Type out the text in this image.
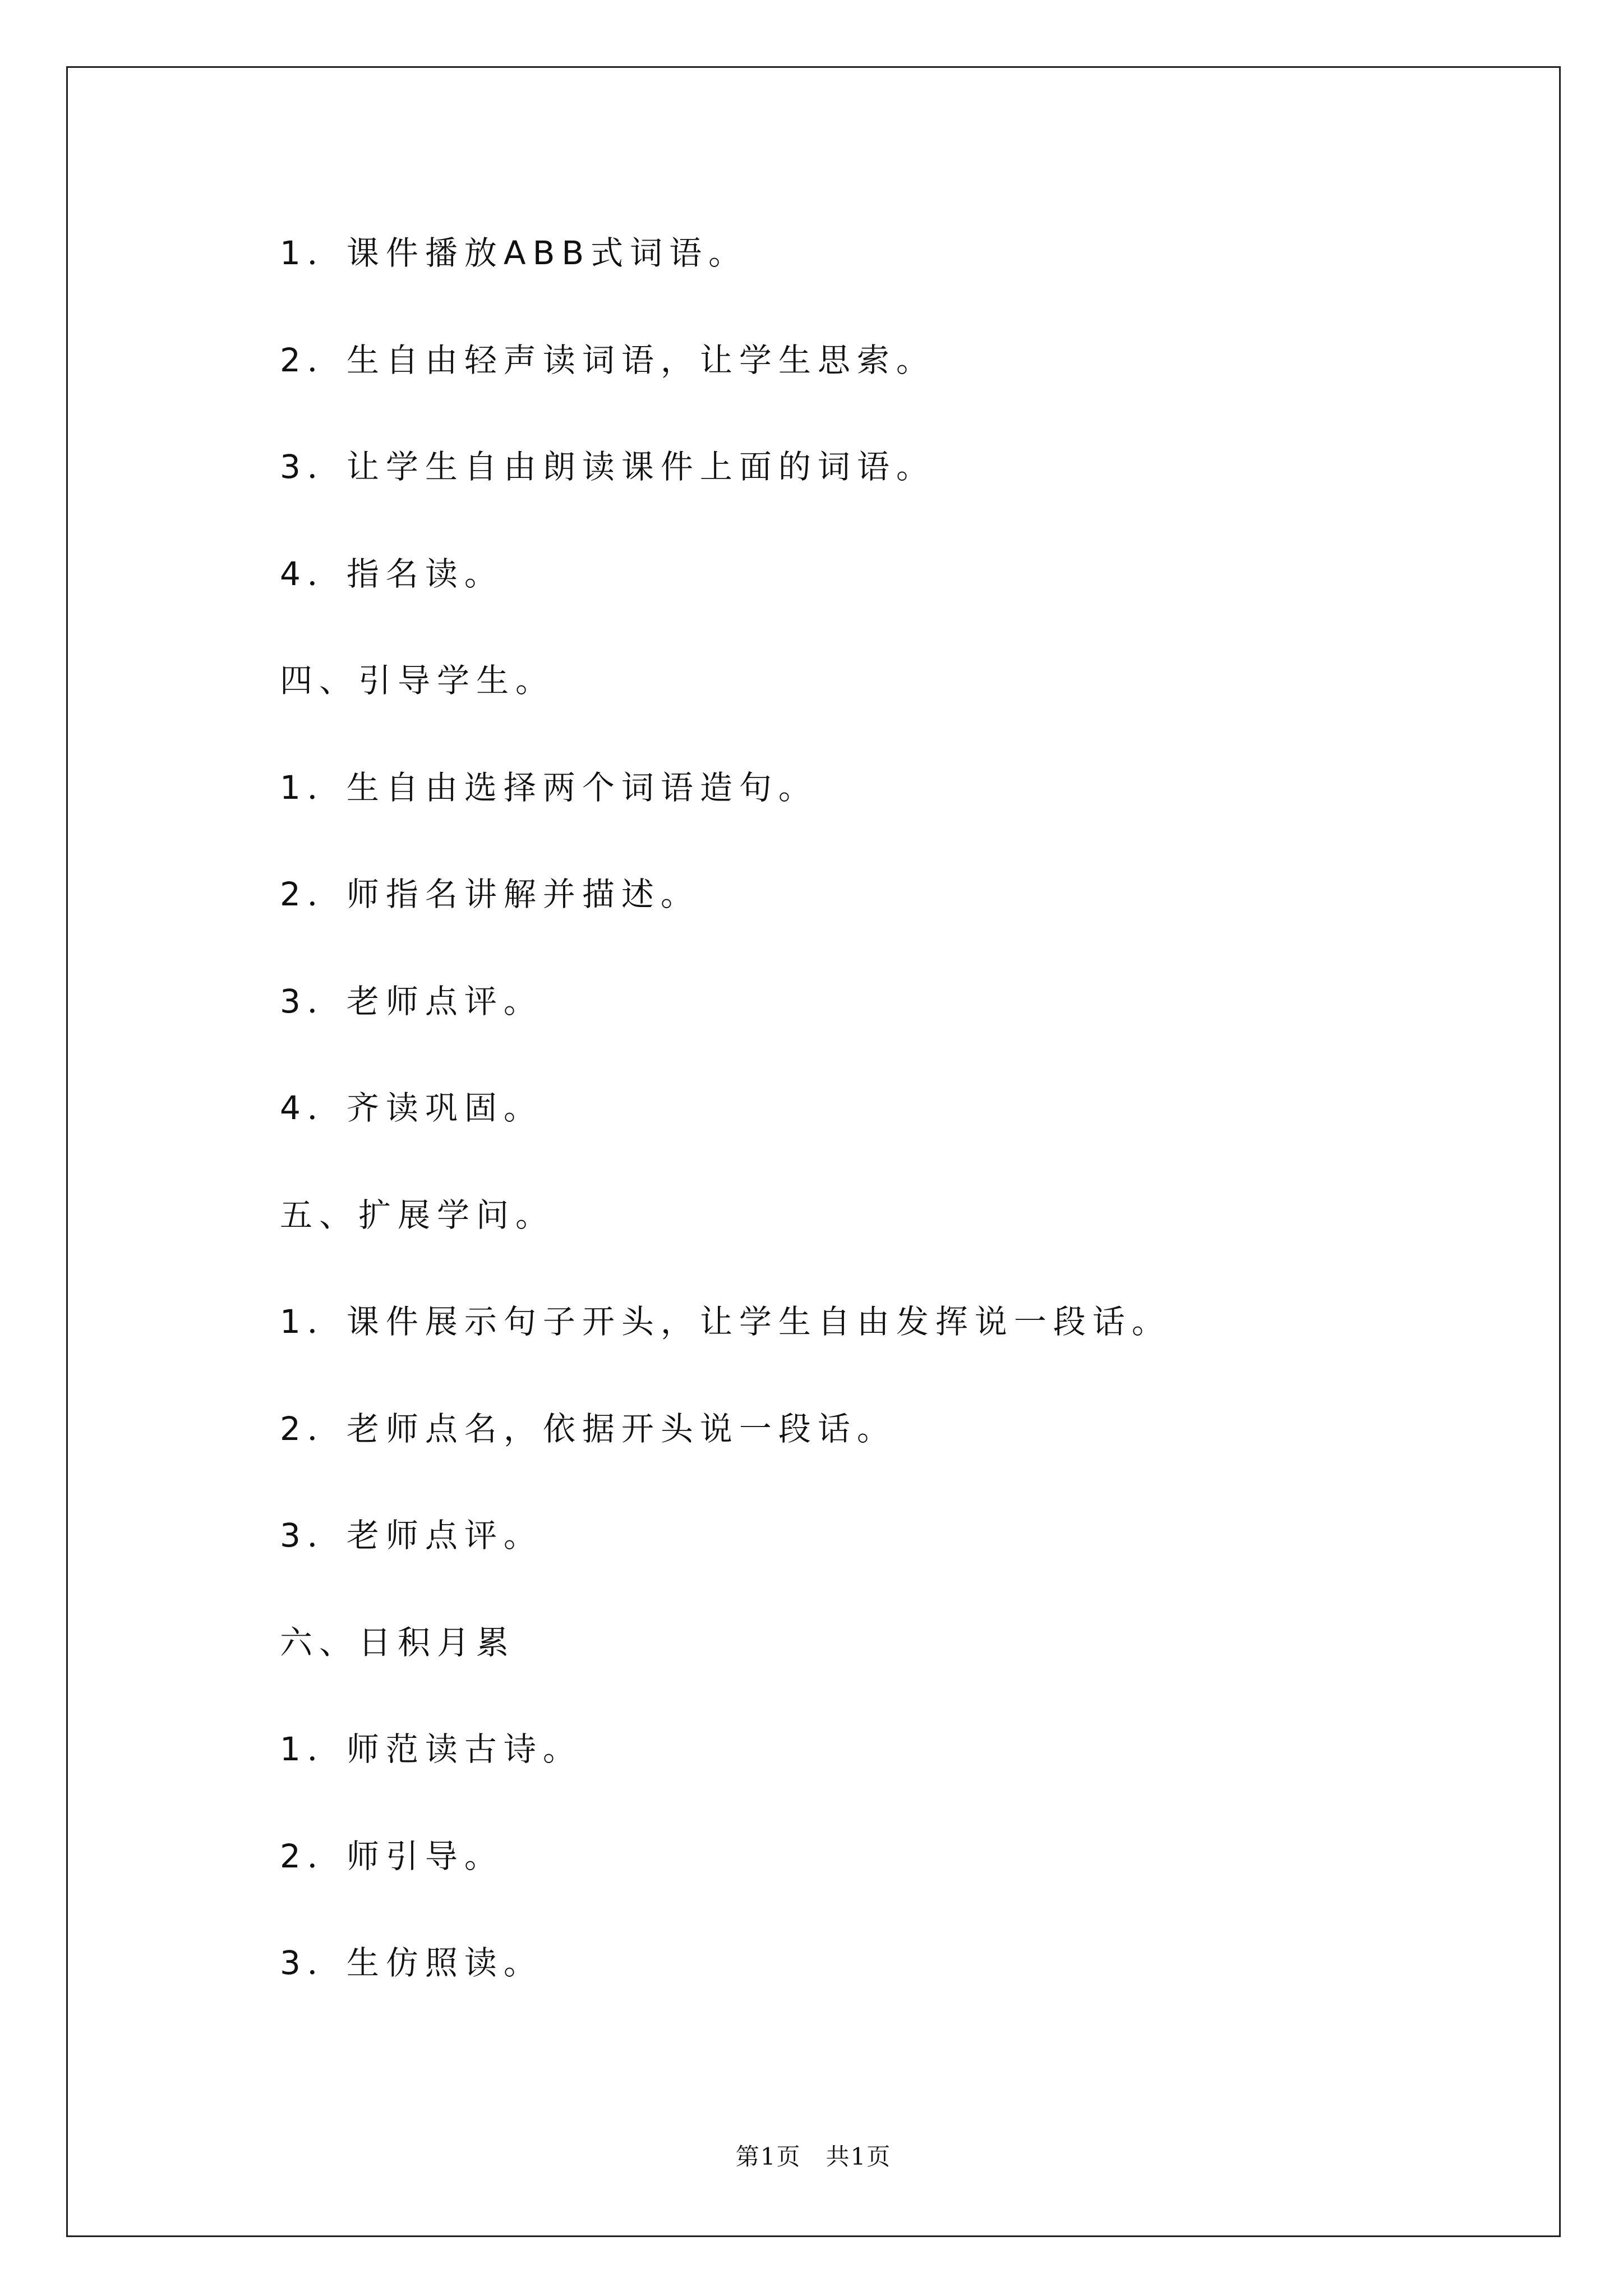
1．课件播放ABB式词语。
2．生自由轻声读词语，让学生思索。
3．让学生自由朗读课件上面的词语。
4．指名读。
四、引导学生。
1．生自由选择两个词语造句。
2．师指名讲解并描述。
3．老师点评。
4．齐读巩固。
五、扩展学问。
1．课件展示句子开头，让学生自由发挥说一段话。
2．老师点名，依据开头说一段话。
3．老师点评。
六、日积月累
1．师范读古诗。
2．师引导。
3．生仿照读。
第1页　共1页
